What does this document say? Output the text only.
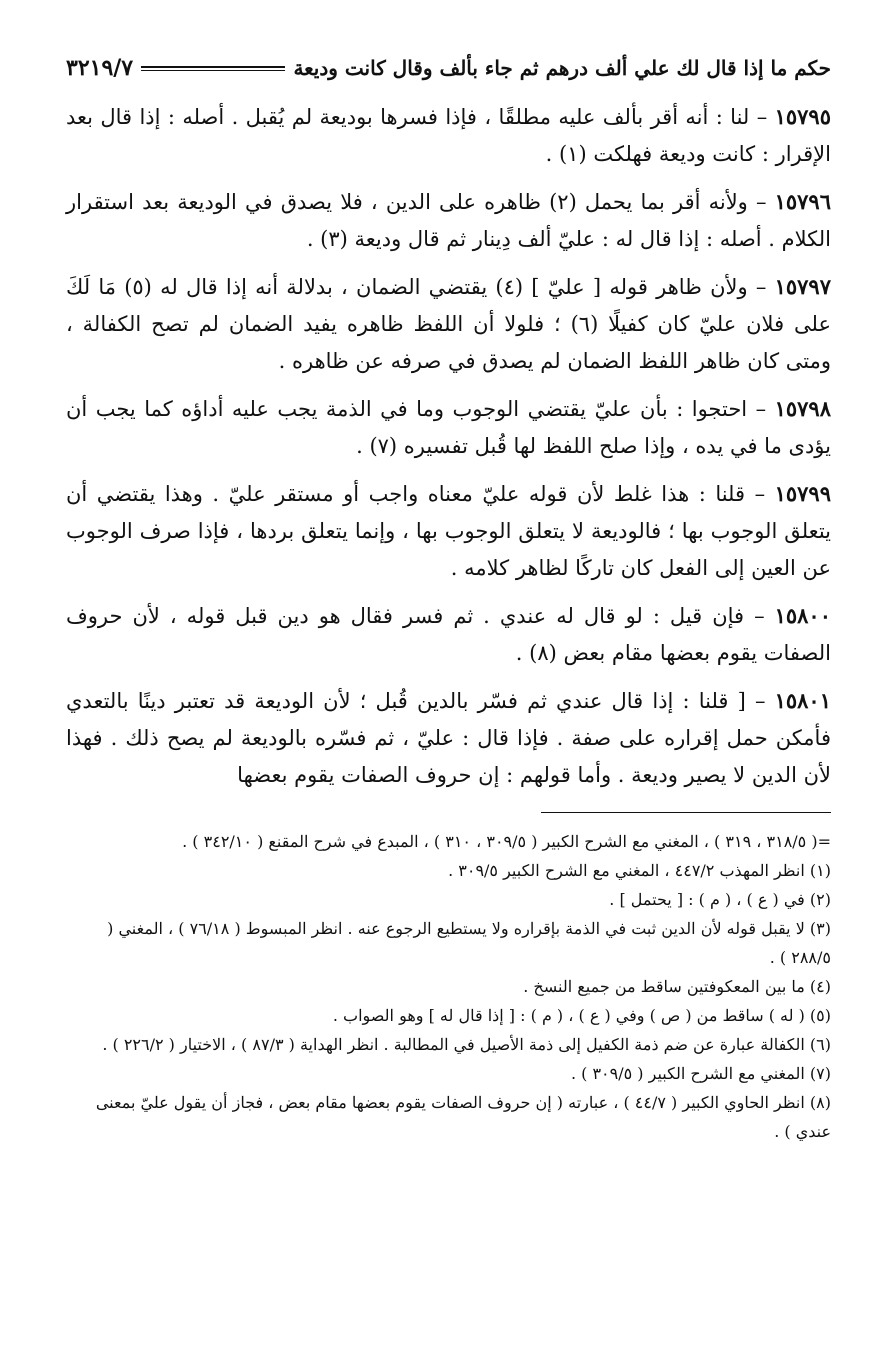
حكم ما إذا قال لك علي ألف درهم ثم جاء بألف وقال كانت وديعة
٣٢١٩/٧

١٥٧٩٥ – لنا : أنه أقر بألف عليه مطلقًا ، فإذا فسرها بوديعة لم يُقبل . أصله : إذا قال بعد الإقرار : كانت وديعة فهلكت (١) .

١٥٧٩٦ – ولأنه أقر بما يحمل (٢) ظاهره على الدين ، فلا يصدق في الوديعة بعد استقرار الكلام . أصله : إذا قال له : عليّ ألف دِينار ثم قال وديعة (٣) .

١٥٧٩٧ – ولأن ظاهر قوله [ عليّ ] (٤) يقتضي الضمان ، بدلالة أنه إذا قال له (٥) مَا لَكَ على فلان عليّ كان كفيلًا (٦) ؛ فلولا أن اللفظ ظاهره يفيد الضمان لم تصح الكفالة ، ومتى كان ظاهر اللفظ الضمان لم يصدق في صرفه عن ظاهره .

١٥٧٩٨ – احتجوا : بأن عليّ يقتضي الوجوب وما في الذمة يجب عليه أداؤه كما يجب أن يؤدى ما في يده ، وإذا صلح اللفظ لها قُبل تفسيره (٧) .

١٥٧٩٩ – قلنا : هذا غلط لأن قوله عليّ معناه واجب أو مستقر عليّ . وهذا يقتضي أن يتعلق الوجوب بها ؛ فالوديعة لا يتعلق الوجوب بها ، وإنما يتعلق بردها ، فإذا صرف الوجوب عن العين إلى الفعل كان تاركًا لظاهر كلامه .

١٥٨٠٠ – فإن قيل : لو قال له عندي . ثم فسر فقال هو دين قبل قوله ، لأن حروف الصفات يقوم بعضها مقام بعض (٨) .

١٥٨٠١ – [ قلنا : إذا قال عندي ثم فسّر بالدين قُبل ؛ لأن الوديعة قد تعتبر دينًا بالتعدي فأمكن حمل إقراره على صفة . فإذا قال : عليّ ، ثم فسّره بالوديعة لم يصح ذلك . فهذا لأن الدين لا يصير وديعة . وأما قولهم : إن حروف الصفات يقوم بعضها

=( ٣١٨/٥ ، ٣١٩ ) ، المغني مع الشرح الكبير ( ٣٠٩/٥ ، ٣١٠ ) ، المبدع في شرح المقنع ( ٣٤٢/١٠ ) .

(١) انظر المهذب ٤٤٧/٢ ، المغني مع الشرح الكبير ٣٠٩/٥ .

(٢) في ( ع ) ، ( م ) : [ يحتمل ] .

(٣) لا يقبل قوله لأن الدين ثبت في الذمة بإقراره ولا يستطيع الرجوع عنه . انظر المبسوط ( ٧٦/١٨ ) ، المغني ( ٢٨٨/٥ ) .

(٤) ما بين المعكوفتين ساقط من جميع النسخ .

(٥) ( له ) ساقط من ( ص ) وفي ( ع ) ، ( م ) : [ إذا قال له ] وهو الصواب .

(٦) الكفالة عبارة عن ضم ذمة الكفيل إلى ذمة الأصيل في المطالبة . انظر الهداية ( ٨٧/٣ ) ، الاختيار ( ٢٢٦/٢ ) .

(٧) المغني مع الشرح الكبير ( ٣٠٩/٥ ) .

(٨) انظر الحاوي الكبير ( ٤٤/٧ ) ، عبارته ( إن حروف الصفات يقوم بعضها مقام بعض ، فجاز أن يقول عليّ بمعنى عندي ) .
